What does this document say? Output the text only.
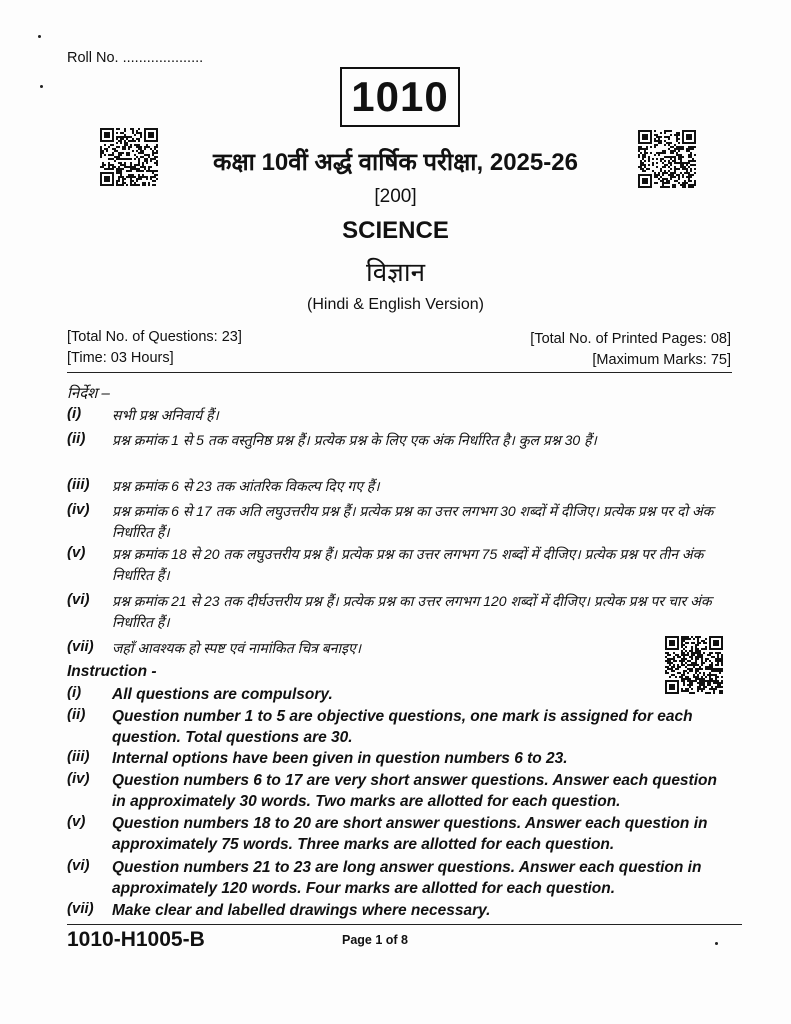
Roll No. ....................
1010
कक्षा 10वीं अर्द्ध वार्षिक परीक्षा, 2025-26
[200]
SCIENCE
विज्ञान
(Hindi & English Version)
[Total No. of Questions: 23]
[Time: 03 Hours]
[Total No. of Printed Pages: 08]
[Maximum Marks: 75]
निर्देश –
(i)	सभी प्रश्न अनिवार्य हैं।
(ii)	प्रश्न क्रमांक 1 से 5 तक वस्तुनिष्ठ प्रश्न हैं। प्रत्येक प्रश्न के लिए एक अंक निर्धारित है। कुल प्रश्न 30 हैं।
(iii)	प्रश्न क्रमांक 6 से 23 तक आंतरिक विकल्प दिए गए हैं।
(iv)	प्रश्न क्रमांक 6 से 17 तक अति लघुउत्तरीय प्रश्न हैं। प्रत्येक प्रश्न का उत्तर लगभग 30 शब्दों में दीजिए। प्रत्येक प्रश्न पर दो अंक निर्धारित हैं।
(v)	प्रश्न क्रमांक 18 से 20 तक लघुउत्तरीय प्रश्न हैं। प्रत्येक प्रश्न का उत्तर लगभग 75 शब्दों में दीजिए। प्रत्येक प्रश्न पर तीन अंक निर्धारित हैं।
(vi)	प्रश्न क्रमांक 21 से 23 तक दीर्घउत्तरीय प्रश्न हैं। प्रत्येक प्रश्न का उत्तर लगभग 120 शब्दों में दीजिए। प्रत्येक प्रश्न पर चार अंक निर्धारित हैं।
(vii)	जहाँ आवश्यक हो स्पष्ट एवं नामांकित चित्र बनाइए।
Instruction -
(i)	All questions are compulsory.
(ii)	Question number 1 to 5 are objective questions, one mark is assigned for each question. Total questions are 30.
(iii)	Internal options have been given in question numbers 6 to 23.
(iv)	Question numbers 6 to 17 are very short answer questions. Answer each question in approximately 30 words. Two marks are allotted for each question.
(v)	Question numbers 18 to 20 are short answer questions. Answer each question in approximately 75 words. Three marks are allotted for each question.
(vi)	Question numbers 21 to 23 are long answer questions. Answer each question in approximately 120 words. Four marks are allotted for each question.
(vii)	Make clear and labelled drawings where necessary.
1010-H1005-B	Page 1 of 8
